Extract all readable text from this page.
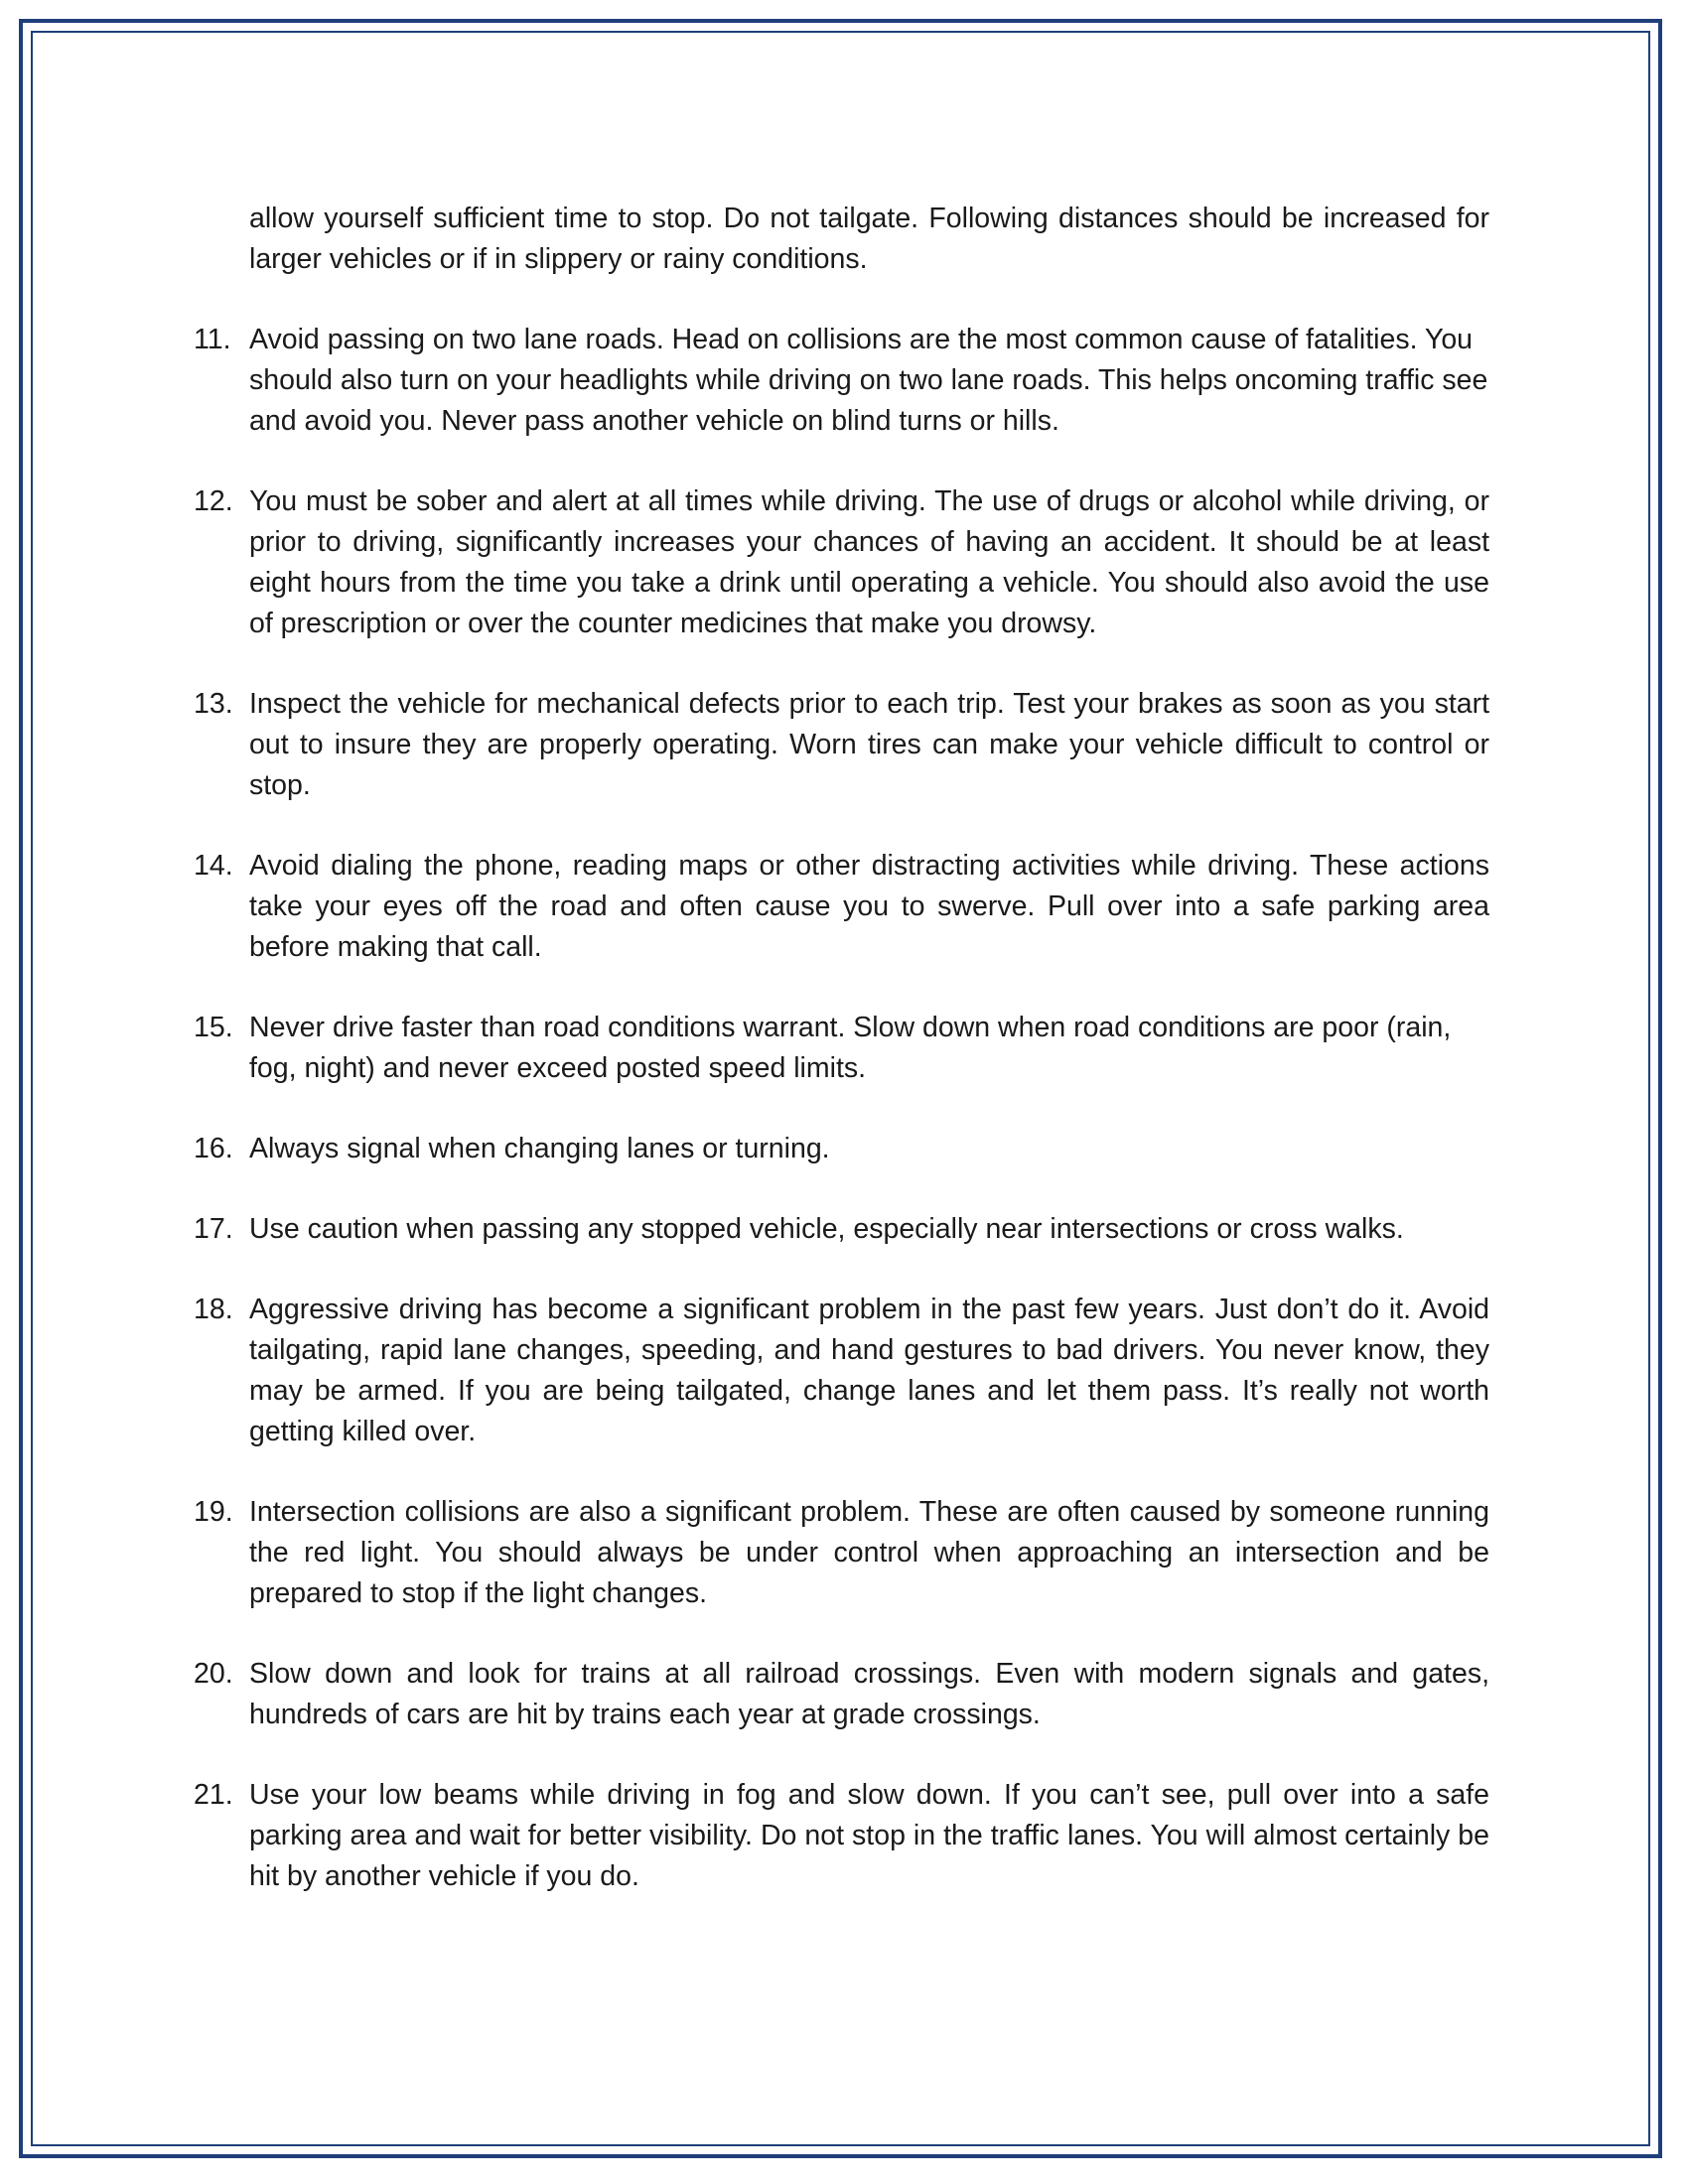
allow yourself sufficient time to stop. Do not tailgate. Following distances should be increased for larger vehicles or if in slippery or rainy conditions.

11. Avoid passing on two lane roads. Head on collisions are the most common cause of fatalities. You should also turn on your headlights while driving on two lane roads. This helps oncoming traffic see and avoid you. Never pass another vehicle on blind turns or hills.
12. You must be sober and alert at all times while driving. The use of drugs or alcohol while driving, or prior to driving, significantly increases your chances of having an accident. It should be at least eight hours from the time you take a drink until operating a vehicle. You should also avoid the use of prescription or over the counter medicines that make you drowsy.
13. Inspect the vehicle for mechanical defects prior to each trip. Test your brakes as soon as you start out to insure they are properly operating. Worn tires can make your vehicle difficult to control or stop.
14. Avoid dialing the phone, reading maps or other distracting activities while driving. These actions take your eyes off the road and often cause you to swerve. Pull over into a safe parking area before making that call.
15. Never drive faster than road conditions warrant. Slow down when road conditions are poor (rain, fog, night) and never exceed posted speed limits.
16. Always signal when changing lanes or turning.
17. Use caution when passing any stopped vehicle, especially near intersections or cross walks.
18. Aggressive driving has become a significant problem in the past few years. Just don’t do it. Avoid tailgating, rapid lane changes, speeding, and hand gestures to bad drivers. You never know, they may be armed. If you are being tailgated, change lanes and let them pass. It’s really not worth getting killed over.
19. Intersection collisions are also a significant problem. These are often caused by someone running the red light. You should always be under control when approaching an intersection and be prepared to stop if the light changes.
20. Slow down and look for trains at all railroad crossings. Even with modern signals and gates, hundreds of cars are hit by trains each year at grade crossings.
21. Use your low beams while driving in fog and slow down. If you can’t see, pull over into a safe parking area and wait for better visibility. Do not stop in the traffic lanes. You will almost certainly be hit by another vehicle if you do.
